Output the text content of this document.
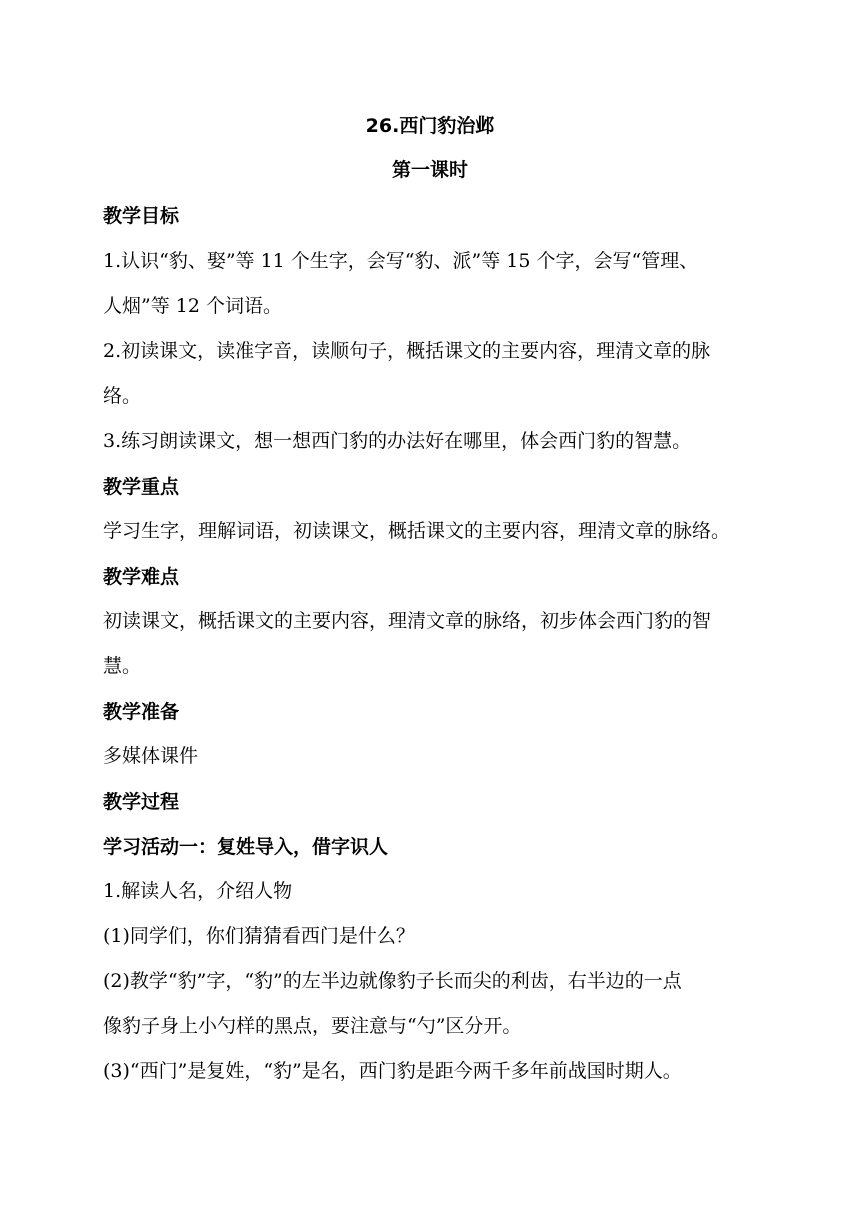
26.西门豹治邺
第一课时
教学目标
1.认识“豹、娶”等 11 个生字，会写“豹、派”等 15 个字，会写“管理、
人烟”等 12 个词语。
2.初读课文，读准字音，读顺句子，概括课文的主要内容，理清文章的脉
络。
3.练习朗读课文，想一想西门豹的办法好在哪里，体会西门豹的智慧。
教学重点
学习生字，理解词语，初读课文，概括课文的主要内容，理清文章的脉络。
教学难点
初读课文，概括课文的主要内容，理清文章的脉络，初步体会西门豹的智
慧。
教学准备
多媒体课件
教学过程
学习活动一：复姓导入，借字识人
1.解读人名，介绍人物
(1)同学们，你们猜猜看西门是什么？
(2)教学“豹”字，“豹”的左半边就像豹子长而尖的利齿，右半边的一点
像豹子身上小勺样的黑点，要注意与“勺”区分开。
(3)“西门”是复姓，“豹”是名，西门豹是距今两千多年前战国时期人。
